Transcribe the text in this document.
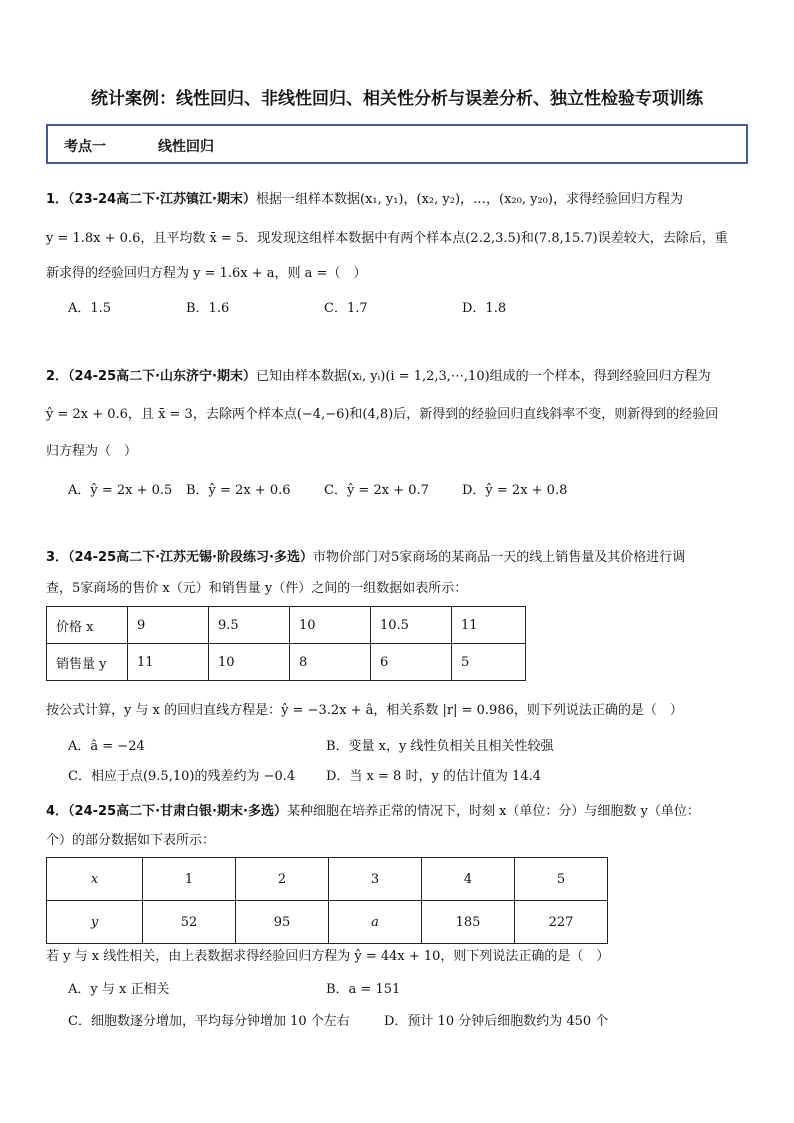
统计案例：线性回归、非线性回归、相关性分析与误差分析、独立性检验专项训练
考点一	线性回归
1．（23-24高二下·江苏镇江·期末）根据一组样本数据(x₁, y₁)，(x₂, y₂)，…，(x₂₀, y₂₀)，求得经验回归方程为
y = 1.8x + 0.6，且平均数 x̄ = 5．现发现这组样本数据中有两个样本点(2.2,3.5)和(7.8,15.7)误差较大，去除后，重
新求得的经验回归方程为 y = 1.6x + a，则 a =（　）
A．1.5	B．1.6	C．1.7	D．1.8
2．（24-25高二下·山东济宁·期末）已知由样本数据(xᵢ, yᵢ)(i = 1,2,3,⋯,10)组成的一个样本，得到经验回归方程为
ŷ = 2x + 0.6，且 x̄ = 3，去除两个样本点(−4,−6)和(4,8)后，新得到的经验回归直线斜率不变，则新得到的经验回
归方程为（　）
A．ŷ = 2x + 0.5 B．ŷ = 2x + 0.6	C．ŷ = 2x + 0.7	D．ŷ = 2x + 0.8
3．（24-25高二下·江苏无锡·阶段练习·多选）市物价部门对5家商场的某商品一天的线上销售量及其价格进行调
查，5家商场的售价 x（元）和销售量 y（件）之间的一组数据如表所示：
价格 x	9	9.5	10	10.5	11
销售量 y	11	10	8	6	5
按公式计算，y 与 x 的回归直线方程是：ŷ = −3.2x + â，相关系数 |r| = 0.986，则下列说法正确的是（　）
A．â = −24	B．变量 x，y 线性负相关且相关性较强
C．相应于点(9.5,10)的残差约为 −0.4 D．当 x = 8 时，y 的估计值为 14.4
4．（24-25高二下·甘肃白银·期末·多选）某种细胞在培养正常的情况下，时刻 x（单位：分）与细胞数 y（单位：
个）的部分数据如下表所示：
x	1	2	3	4	5
y	52	95	a	185	227
若 y 与 x 线性相关，由上表数据求得经验回归方程为 ŷ = 44x + 10，则下列说法正确的是（　）
A．y 与 x 正相关	B．a = 151
C．细胞数逐分增加，平均每分钟增加 10 个左右	D．预计 10 分钟后细胞数约为 450 个
